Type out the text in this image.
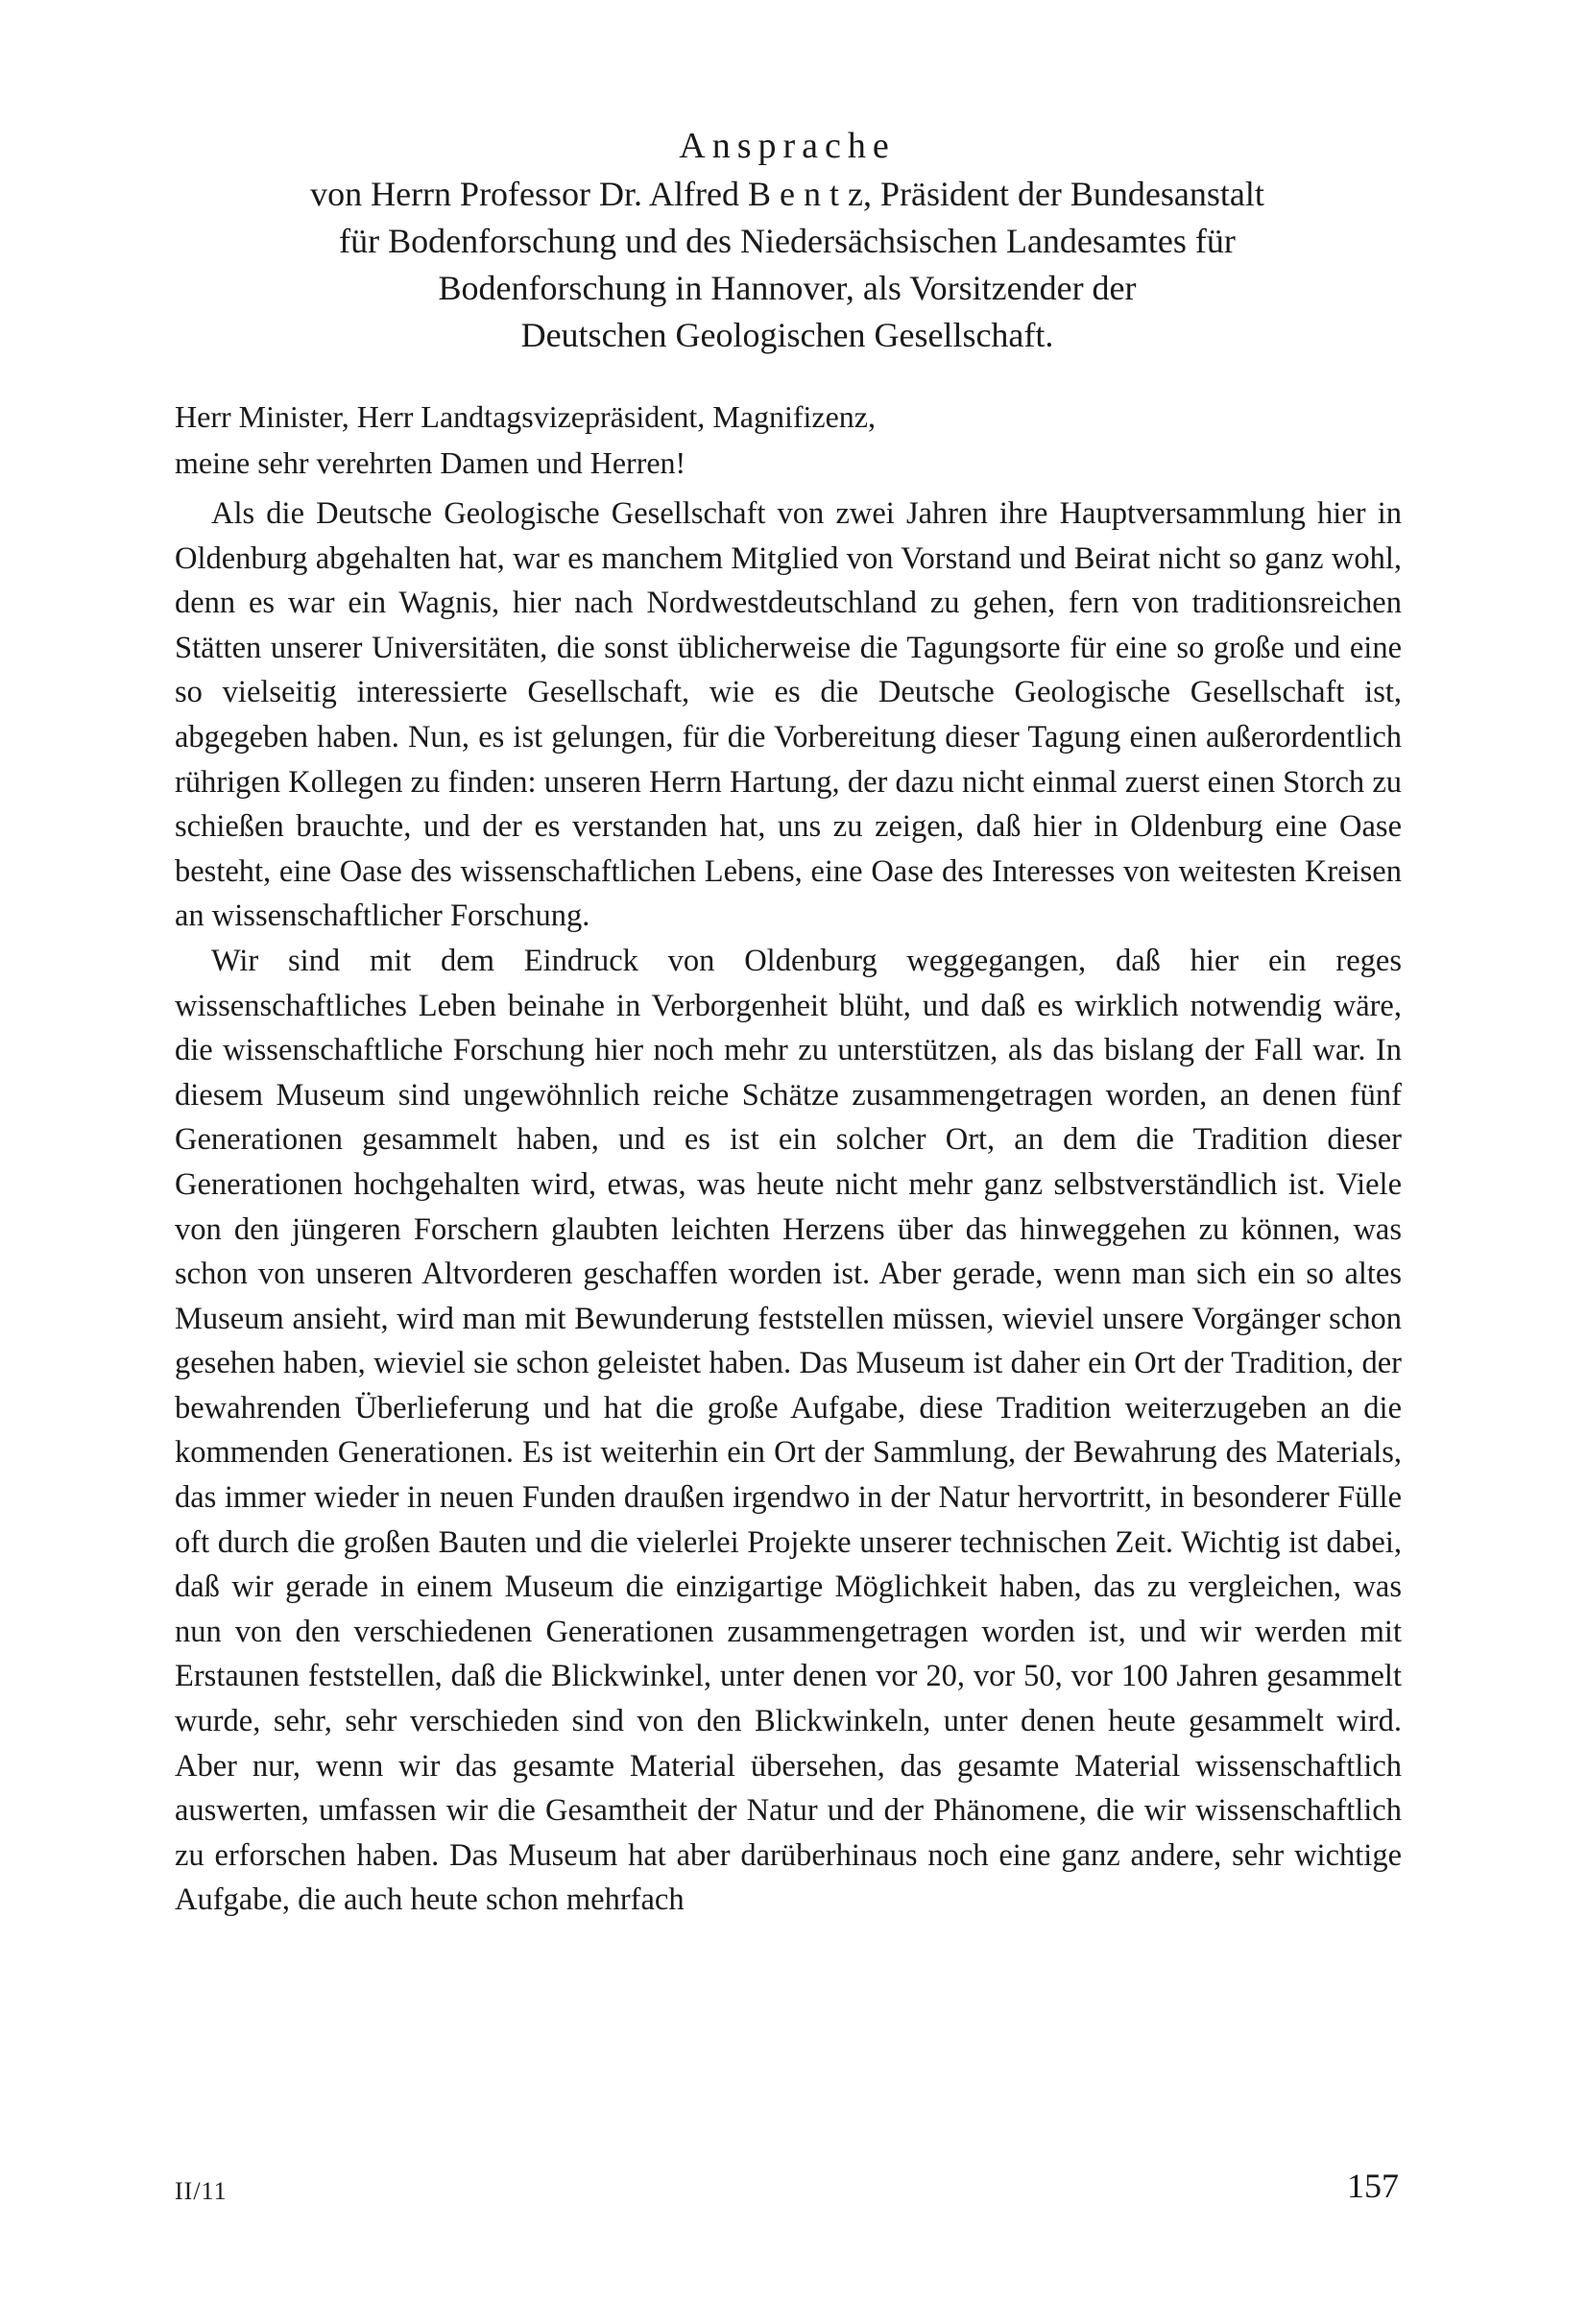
Ansprache
von Herrn Professor Dr. Alfred B e n t z, Präsident der Bundesanstalt
für Bodenforschung und des Niedersächsischen Landesamtes für
Bodenforschung in Hannover, als Vorsitzender der
Deutschen Geologischen Gesellschaft.
Herr Minister, Herr Landtagsvizepräsident, Magnifizenz,
meine sehr verehrten Damen und Herren!

Als die Deutsche Geologische Gesellschaft von zwei Jahren ihre Hauptversammlung hier in Oldenburg abgehalten hat, war es manchem Mitglied von Vorstand und Beirat nicht so ganz wohl, denn es war ein Wagnis, hier nach Nordwestdeutschland zu gehen, fern von traditionsreichen Stätten unserer Universitäten, die sonst üblicherweise die Tagungsorte für eine so große und eine so vielseitig interessierte Gesellschaft, wie es die Deutsche Geologische Gesellschaft ist, abgegeben haben. Nun, es ist gelungen, für die Vorbereitung dieser Tagung einen außerordentlich rührigen Kollegen zu finden: unseren Herrn Hartung, der dazu nicht einmal zuerst einen Storch zu schießen brauchte, und der es verstanden hat, uns zu zeigen, daß hier in Oldenburg eine Oase besteht, eine Oase des wissenschaftlichen Lebens, eine Oase des Interesses von weitesten Kreisen an wissenschaftlicher Forschung.

Wir sind mit dem Eindruck von Oldenburg weggegangen, daß hier ein reges wissenschaftliches Leben beinahe in Verborgenheit blüht, und daß es wirklich notwendig wäre, die wissenschaftliche Forschung hier noch mehr zu unterstützen, als das bislang der Fall war. In diesem Museum sind ungewöhnlich reiche Schätze zusammengetragen worden, an denen fünf Generationen gesammelt haben, und es ist ein solcher Ort, an dem die Tradition dieser Generationen hochgehalten wird, etwas, was heute nicht mehr ganz selbstverständlich ist. Viele von den jüngeren Forschern glaubten leichten Herzens über das hinweggehen zu können, was schon von unseren Altvorderen geschaffen worden ist. Aber gerade, wenn man sich ein so altes Museum ansieht, wird man mit Bewunderung feststellen müssen, wieviel unsere Vorgänger schon gesehen haben, wieviel sie schon geleistet haben. Das Museum ist daher ein Ort der Tradition, der bewahrenden Überlieferung und hat die große Aufgabe, diese Tradition weiterzugeben an die kommenden Generationen. Es ist weiterhin ein Ort der Sammlung, der Bewahrung des Materials, das immer wieder in neuen Funden draußen irgendwo in der Natur hervortritt, in besonderer Fülle oft durch die großen Bauten und die vielerlei Projekte unserer technischen Zeit. Wichtig ist dabei, daß wir gerade in einem Museum die einzigartige Möglichkeit haben, das zu vergleichen, was nun von den verschiedenen Generationen zusammengetragen worden ist, und wir werden mit Erstaunen feststellen, daß die Blickwinkel, unter denen vor 20, vor 50, vor 100 Jahren gesammelt wurde, sehr, sehr verschieden sind von den Blickwinkeln, unter denen heute gesammelt wird. Aber nur, wenn wir das gesamte Material übersehen, das gesamte Material wissenschaftlich auswerten, umfassen wir die Gesamtheit der Natur und der Phänomene, die wir wissenschaftlich zu erforschen haben. Das Museum hat aber darüberhinaus noch eine ganz andere, sehr wichtige Aufgabe, die auch heute schon mehrfach

II/11	157
